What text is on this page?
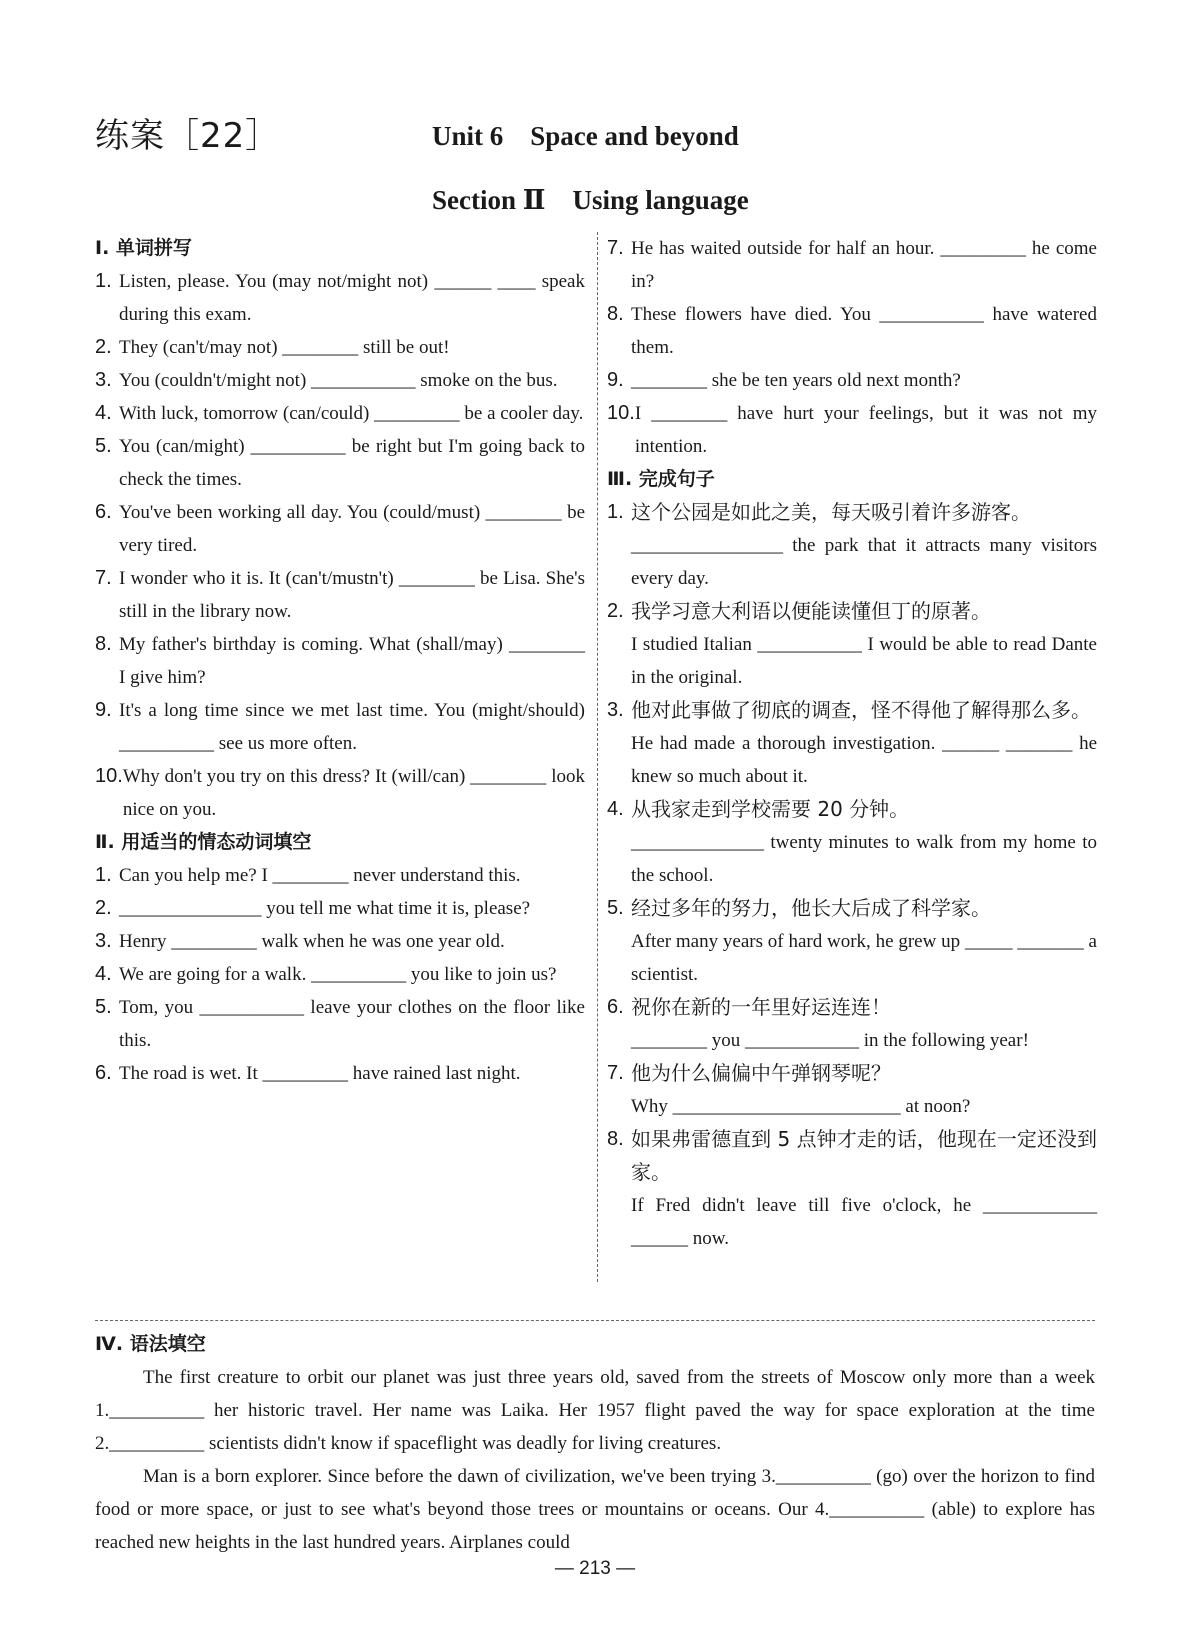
练案［22］	Unit 6　Space and beyond
Section Ⅱ　Using language
Ⅰ. 单词拼写
1. Listen, please. You (may not/might not) ______ ____ speak during this exam.
2. They (can't/may not) ________ still be out!
3. You (couldn't/might not) ___________ smoke on the bus.
4. With luck, tomorrow (can/could) _________ be a cooler day.
5. You (can/might) __________ be right but I'm going back to check the times.
6. You've been working all day. You (could/must) ________ be very tired.
7. I wonder who it is. It (can't/mustn't) ________ be Lisa. She's still in the library now.
8. My father's birthday is coming. What (shall/may) ________ I give him?
9. It's a long time since we met last time. You (might/should) __________ see us more often.
10. Why don't you try on this dress? It (will/can) ________ look nice on you.
Ⅱ. 用适当的情态动词填空
1. Can you help me? I ________ never understand this.
2. _______________ you tell me what time it is, please?
3. Henry _________ walk when he was one year old.
4. We are going for a walk. __________ you like to join us?
5. Tom, you ___________ leave your clothes on the floor like this.
6. The road is wet. It _________ have rained last night.
7. He has waited outside for half an hour. _________ he come in?
8. These flowers have died. You ___________ have watered them.
9. ________ she be ten years old next month?
10. I ________ have hurt your feelings, but it was not my intention.
Ⅲ. 完成句子
1. 这个公园是如此之美，每天吸引着许多游客。
________________ the park that it attracts many visitors every day.
2. 我学习意大利语以便能读懂但丁的原著。
I studied Italian ___________ I would be able to read Dante in the original.
3. 他对此事做了彻底的调查，怪不得他了解得那么多。
He had made a thorough investigation. ______ _______ he knew so much about it.
4. 从我家走到学校需要 20 分钟。
______________ twenty minutes to walk from my home to the school.
5. 经过多年的努力，他长大后成了科学家。
After many years of hard work, he grew up _____ _______ a scientist.
6. 祝你在新的一年里好运连连！
________ you ____________ in the following year!
7. 他为什么偏偏中午弹钢琴呢？
Why ________________________ at noon?
8. 如果弗雷德直到 5 点钟才走的话，他现在一定还没到家。
If Fred didn't leave till five o'clock, he ____________ ______ now.
Ⅳ. 语法填空
The first creature to orbit our planet was just three years old, saved from the streets of Moscow only more than a week 1.__________ her historic travel. Her name was Laika. Her 1957 flight paved the way for space exploration at the time 2.__________ scientists didn't know if spaceflight was deadly for living creatures.
Man is a born explorer. Since before the dawn of civilization, we've been trying 3.__________ (go) over the horizon to find food or more space, or just to see what's beyond those trees or mountains or oceans. Our 4.__________ (able) to explore has reached new heights in the last hundred years. Airplanes could
— 213 —
